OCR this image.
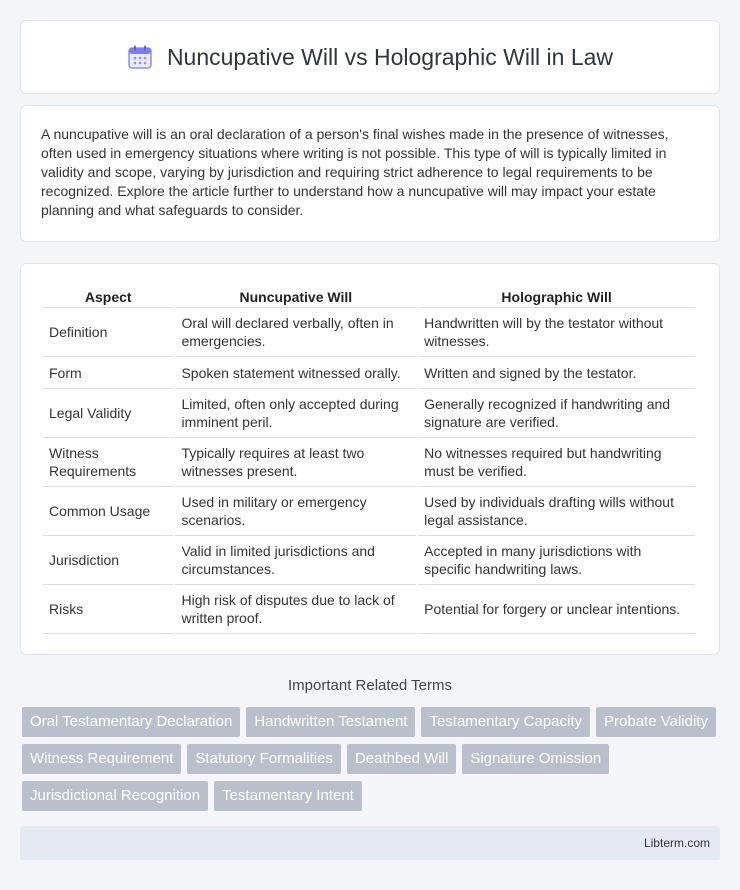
Nuncupative Will vs Holographic Will in Law

A nuncupative will is an oral declaration of a person's final wishes made in the presence of witnesses, often used in emergency situations where writing is not possible. This type of will is typically limited in validity and scope, varying by jurisdiction and requiring strict adherence to legal requirements to be recognized. Explore the article further to understand how a nuncupative will may impact your estate planning and what safeguards to consider.

Aspect	Nuncupative Will	Holographic Will
Definition	Oral will declared verbally, often in emergencies.	Handwritten will by the testator without witnesses.
Form	Spoken statement witnessed orally.	Written and signed by the testator.
Legal Validity	Limited, often only accepted during imminent peril.	Generally recognized if handwriting and signature are verified.
Witness Requirements	Typically requires at least two witnesses present.	No witnesses required but handwriting must be verified.
Common Usage	Used in military or emergency scenarios.	Used by individuals drafting wills without legal assistance.
Jurisdiction	Valid in limited jurisdictions and circumstances.	Accepted in many jurisdictions with specific handwriting laws.
Risks	High risk of disputes due to lack of written proof.	Potential for forgery or unclear intentions.
Important Related Terms
Oral Testamentary Declaration	Handwritten Testament	Testamentary Capacity	Probate Validity
Witness Requirement	Statutory Formalities	Deathbed Will	Signature Omission
Jurisdictional Recognition	Testamentary Intent
Libterm.com
